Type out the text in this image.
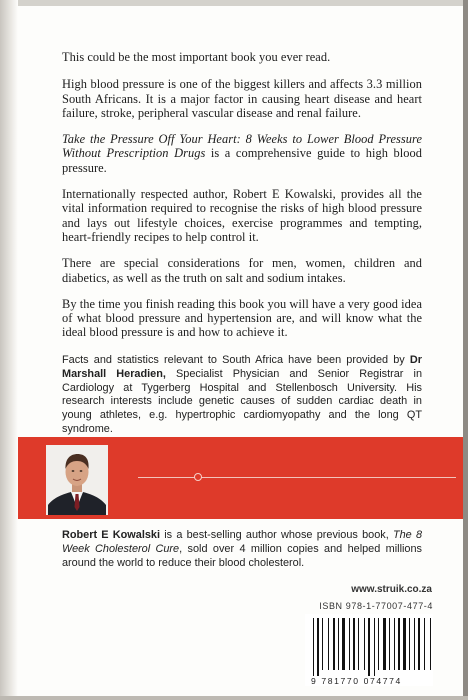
This could be the most important book you ever read.

High blood pressure is one of the biggest killers and affects 3.3 million South Africans. It is a major factor in causing heart disease and heart failure, stroke, peripheral vascular disease and renal failure.

Take the Pressure Off Your Heart: 8 Weeks to Lower Blood Pressure Without Prescription Drugs is a comprehensive guide to high blood pressure.

Internationally respected author, Robert E Kowalski, provides all the vital information required to recognise the risks of high blood pressure and lays out lifestyle choices, exercise programmes and tempting, heart-friendly recipes to help control it.

There are special considerations for men, women, children and diabetics, as well as the truth on salt and sodium intakes.

By the time you finish reading this book you will have a very good idea of what blood pressure and hypertension are, and will know what the ideal blood pressure is and how to achieve it.

Facts and statistics relevant to South Africa have been provided by Dr Marshall Heradien, Specialist Physician and Senior Registrar in Cardiology at Tygerberg Hospital and Stellenbosch University. His research interests include genetic causes of sudden cardiac death in young athletes, e.g. hypertrophic cardiomyopathy and the long QT syndrome.
Robert E Kowalski is a best-selling author whose previous book, The 8 Week Cholesterol Cure, sold over 4 million copies and helped millions around the world to reduce their blood cholesterol.
www.struik.co.za
ISBN 978-1-77007-477-4
9 781770 074774
